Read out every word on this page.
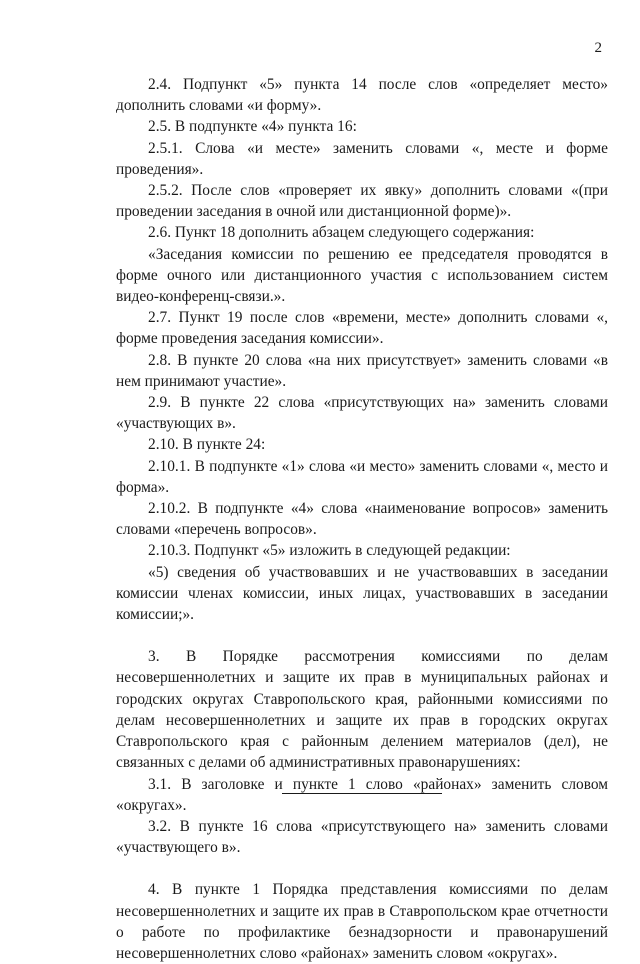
2

2.4. Подпункт «5» пункта 14 после слов «определяет место» дополнить словами «и форму».

2.5. В подпункте «4» пункта 16:

2.5.1. Слова «и месте» заменить словами «, месте и форме проведения».

2.5.2. После слов «проверяет их явку» дополнить словами «(при проведении заседания в очной или дистанционной форме)».

2.6. Пункт 18 дополнить абзацем следующего содержания:

«Заседания комиссии по решению ее председателя проводятся в форме очного или дистанционного участия с использованием систем видео-конференц-связи.».

2.7. Пункт 19 после слов «времени, месте» дополнить словами «, форме проведения заседания комиссии».

2.8. В пункте 20 слова «на них присутствует» заменить словами «в нем принимают участие».

2.9. В пункте 22 слова «присутствующих на» заменить словами «участвующих в».

2.10. В пункте 24:

2.10.1. В подпункте «1» слова «и место» заменить словами «, место и форма».

2.10.2. В подпункте «4» слова «наименование вопросов» заменить словами «перечень вопросов».

2.10.3. Подпункт «5» изложить в следующей редакции:

«5) сведения об участвовавших и не участвовавших в заседании комиссии членах комиссии, иных лицах, участвовавших в заседании комиссии;».

3. В Порядке рассмотрения комиссиями по делам несовершеннолетних и защите их прав в муниципальных районах и городских округах Ставропольского края, районными комиссиями по делам несовершеннолетних и защите их прав в городских округах Ставропольского края с районным делением материалов (дел), не связанных с делами об административных правонарушениях:

3.1. В заголовке и пункте 1 слово «районах» заменить словом «округах».

3.2. В пункте 16 слова «присутствующего на» заменить словами «участвующего в».

4. В пункте 1 Порядка представления комиссиями по делам несовершеннолетних и защите их прав в Ставропольском крае отчетности о работе по профилактике безнадзорности и правонарушений несовершеннолетних слово «районах» заменить словом «округах».
